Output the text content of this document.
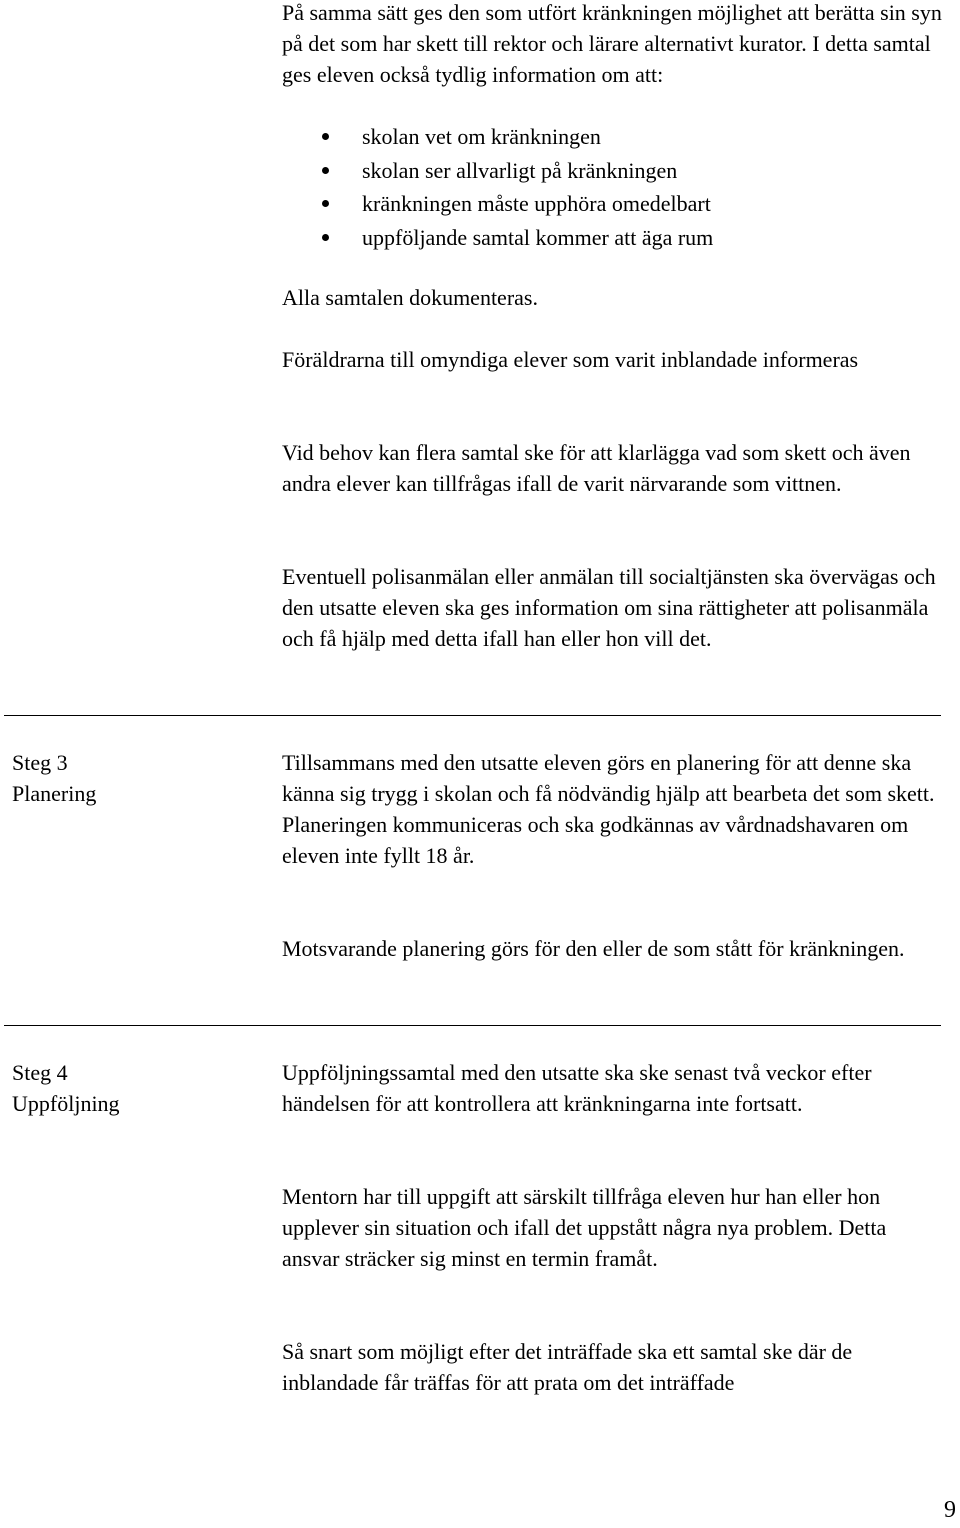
På samma sätt ges den som utfört kränkningen möjlighet att berätta sin syn på det som har skett till rektor och lärare alternativt kurator. I detta samtal ges eleven också tydlig information om att:

skolan vet om kränkningen
skolan ser allvarligt på kränkningen
kränkningen måste upphöra omedelbart
uppföljande samtal kommer att äga rum

Alla samtalen dokumenteras.

Föräldrarna till omyndiga elever som varit inblandade informeras

Vid behov kan flera samtal ske för att klarlägga vad som skett och även andra elever kan tillfrågas ifall de varit närvarande som vittnen.

Eventuell polisanmälan eller anmälan till socialtjänsten ska övervägas och den utsatte eleven ska ges information om sina rättigheter att polisanmäla och få hjälp med detta ifall han eller hon vill det.

Steg 3
Planering

Tillsammans med den utsatte eleven görs en planering för att denne ska känna sig trygg i skolan och få nödvändig hjälp att bearbeta det som skett. Planeringen kommuniceras och ska godkännas av vårdnadshavaren om eleven inte fyllt 18 år.

Motsvarande planering görs för den eller de som stått för kränkningen.

Steg 4
Uppföljning

Uppföljningssamtal med den utsatte ska ske senast två veckor efter händelsen för att kontrollera att kränkningarna inte fortsatt.

Mentorn har till uppgift att särskilt tillfråga eleven hur han eller hon upplever sin situation och ifall det uppstått några nya problem. Detta ansvar sträcker sig minst en termin framåt.

Så snart som möjligt efter det inträffade ska ett samtal ske där de inblandade får träffas för att prata om det inträffade

9
